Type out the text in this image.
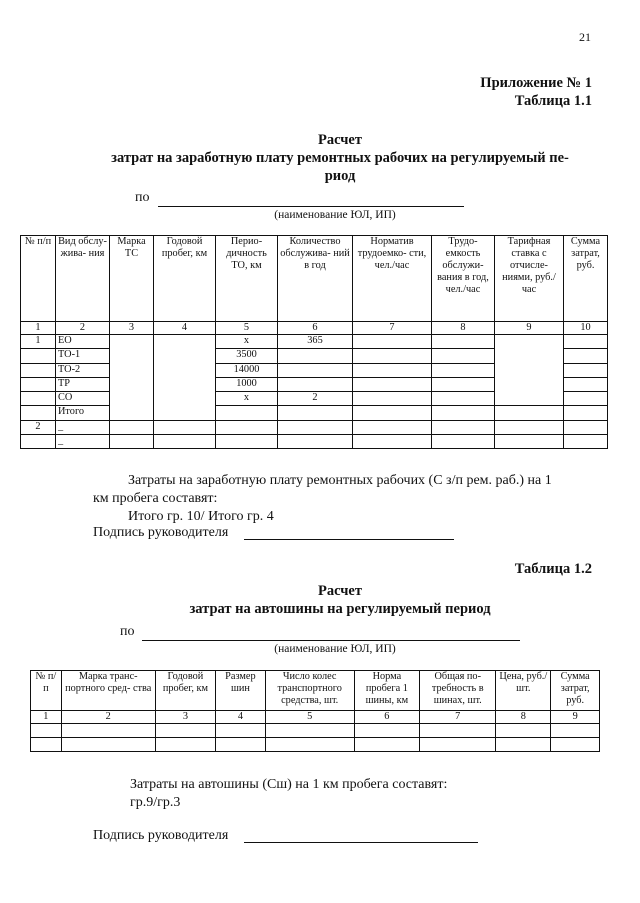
21
Приложение № 1
Таблица 1.1
Расчет
затрат на заработную плату ремонтных рабочих на регулируемый пе-
риод
по
(наименование ЮЛ, ИП)
№ п/п	Вид обслу- жива- ния	Марка ТС	Годовой пробег, км	Перио- дичность ТО, км	Количество обслужива- ний в год	Норматив трудоемко- сти, чел./час	Трудо- емкость обслужи- вания в год, чел./час	Тарифная ставка с отчисле- ниями, руб./час	Сумма затрат, руб.
1	2	3	4	5	6	7	8	9	10
1	ЕО			х	365				
	ТО-1			3500					
	ТО-2			14000					
	ТР			1000					
	СО			х	2				
	Итого								
2	_								
	_								
Затраты на заработную плату ремонтных рабочих (С з/п рем. раб.) на 1
км пробега составят:
Итого гр. 10/ Итого гр. 4
Подпись руководителя
Таблица 1.2
Расчет
затрат на автошины на регулируемый период
по
(наименование ЮЛ, ИП)
№ п/п	Марка транс- портного сред- ства	Годовой пробег, км	Размер шин	Число колес транспортного средства, шт.	Норма пробега 1 шины, км	Общая по- требность в шинах, шт.	Цена, руб./шт.	Сумма затрат, руб.
1	2	3	4	5	6	7	8	9

Затраты на автошины (Сш) на 1 км пробега составят:
гр.9/гр.3
Подпись руководителя
